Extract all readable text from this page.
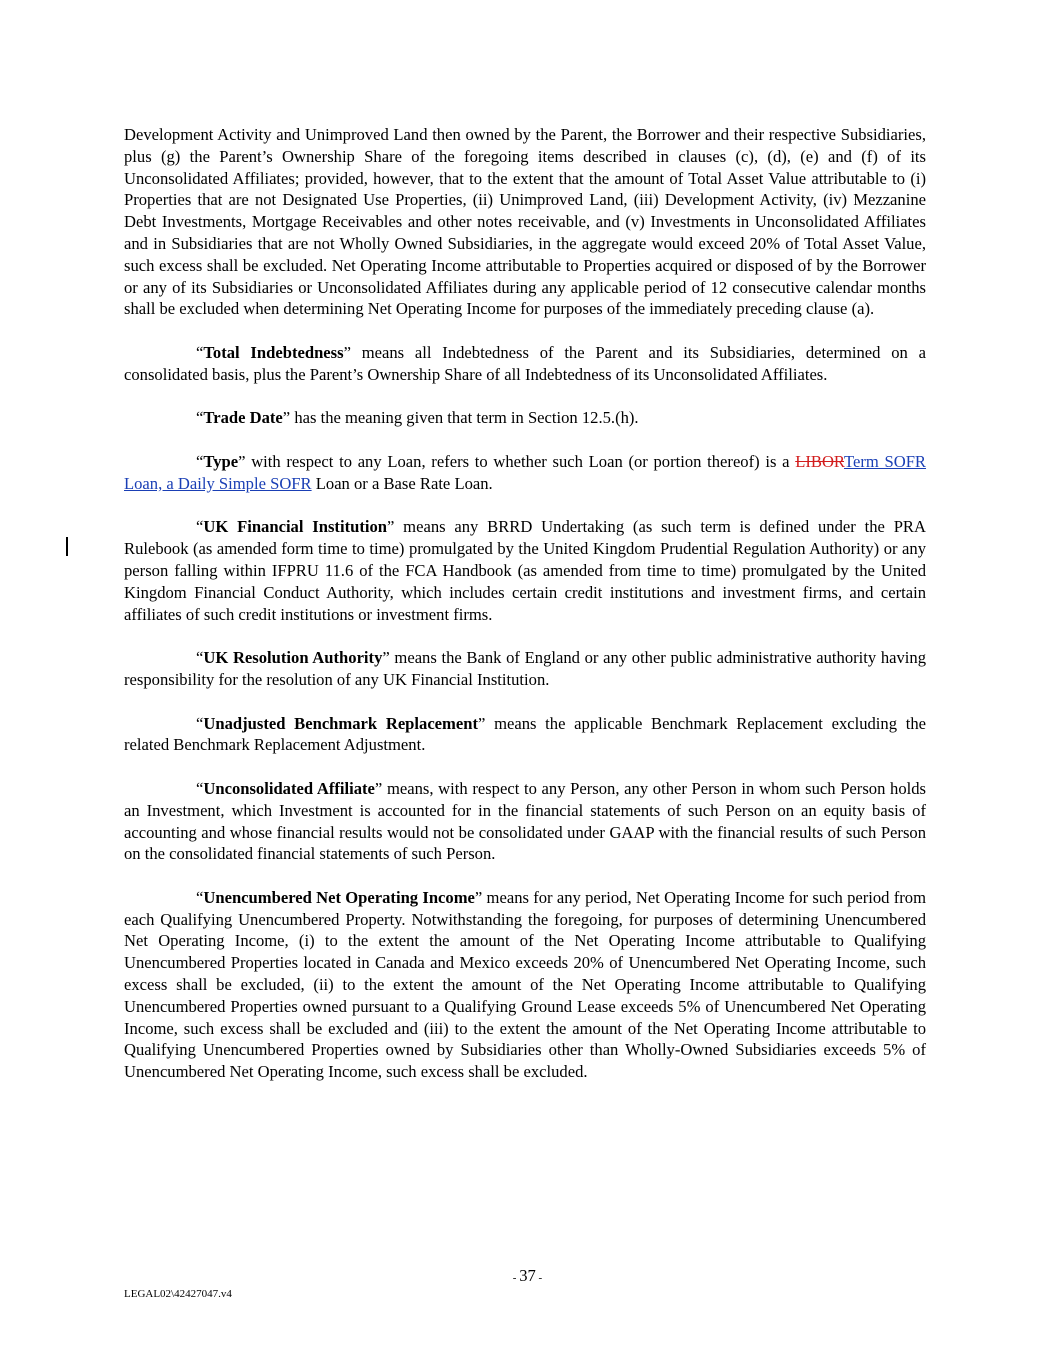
Development Activity and Unimproved Land then owned by the Parent, the Borrower and their respective Subsidiaries, plus (g) the Parent’s Ownership Share of the foregoing items described in clauses (c), (d), (e) and (f) of its Unconsolidated Affiliates; provided, however, that to the extent that the amount of Total Asset Value attributable to (i) Properties that are not Designated Use Properties, (ii) Unimproved Land, (iii) Development Activity, (iv) Mezzanine Debt Investments, Mortgage Receivables and other notes receivable, and (v) Investments in Unconsolidated Affiliates and in Subsidiaries that are not Wholly Owned Subsidiaries, in the aggregate would exceed 20% of Total Asset Value, such excess shall be excluded. Net Operating Income attributable to Properties acquired or disposed of by the Borrower or any of its Subsidiaries or Unconsolidated Affiliates during any applicable period of 12 consecutive calendar months shall be excluded when determining Net Operating Income for purposes of the immediately preceding clause (a).

“Total Indebtedness” means all Indebtedness of the Parent and its Subsidiaries, determined on a consolidated basis, plus the Parent’s Ownership Share of all Indebtedness of its Unconsolidated Affiliates.

“Trade Date” has the meaning given that term in Section 12.5.(h).

“Type” with respect to any Loan, refers to whether such Loan (or portion thereof) is a LIBORTerm SOFR Loan, a Daily Simple SOFR Loan or a Base Rate Loan.

“UK Financial Institution” means any BRRD Undertaking (as such term is defined under the PRA Rulebook (as amended form time to time) promulgated by the United Kingdom Prudential Regulation Authority) or any person falling within IFPRU 11.6 of the FCA Handbook (as amended from time to time) promulgated by the United Kingdom Financial Conduct Authority, which includes certain credit institutions and investment firms, and certain affiliates of such credit institutions or investment firms.

“UK Resolution Authority” means the Bank of England or any other public administrative authority having responsibility for the resolution of any UK Financial Institution.

“Unadjusted Benchmark Replacement” means the applicable Benchmark Replacement excluding the related Benchmark Replacement Adjustment.

“Unconsolidated Affiliate” means, with respect to any Person, any other Person in whom such Person holds an Investment, which Investment is accounted for in the financial statements of such Person on an equity basis of accounting and whose financial results would not be consolidated under GAAP with the financial results of such Person on the consolidated financial statements of such Person.

“Unencumbered Net Operating Income” means for any period, Net Operating Income for such period from each Qualifying Unencumbered Property. Notwithstanding the foregoing, for purposes of determining Unencumbered Net Operating Income, (i) to the extent the amount of the Net Operating Income attributable to Qualifying Unencumbered Properties located in Canada and Mexico exceeds 20% of Unencumbered Net Operating Income, such excess shall be excluded, (ii) to the extent the amount of the Net Operating Income attributable to Qualifying Unencumbered Properties owned pursuant to a Qualifying Ground Lease exceeds 5% of Unencumbered Net Operating Income, such excess shall be excluded and (iii) to the extent the amount of the Net Operating Income attributable to Qualifying Unencumbered Properties owned by Subsidiaries other than Wholly-Owned Subsidiaries exceeds 5% of Unencumbered Net Operating Income, such excess shall be excluded.

- 37 -
LEGAL02\42427047.v4
